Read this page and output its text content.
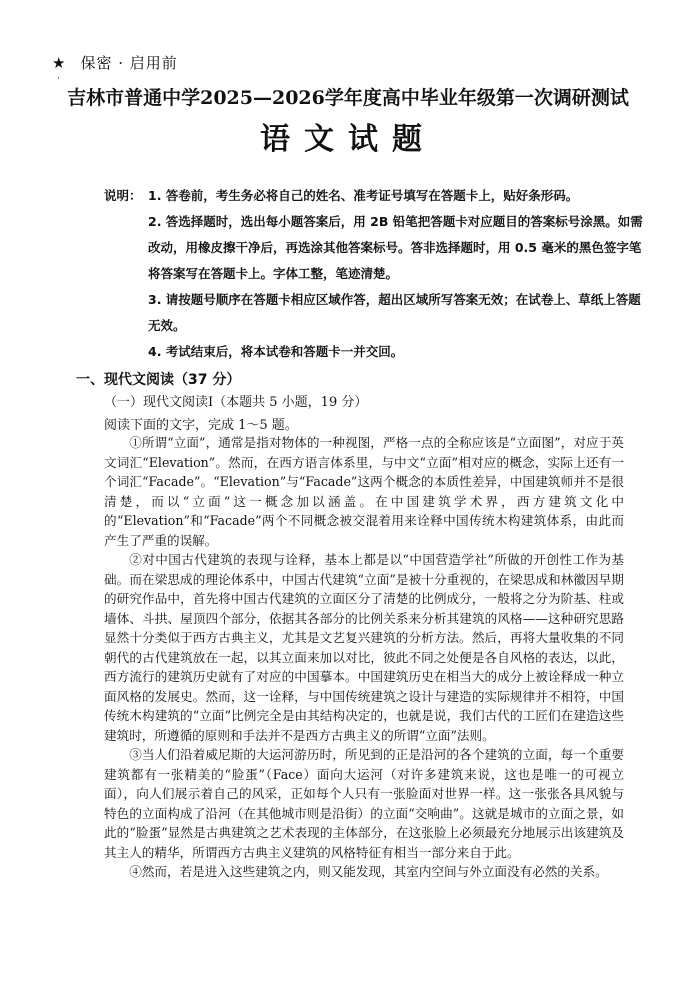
★ 保密 · 启用前
·
吉林市普通中学2025—2026学年度高中毕业年级第一次调研测试
语文试题
说明： 1. 答卷前，考生务必将自己的姓名、准考证号填写在答题卡上，贴好条形码。
2. 答选择题时，选出每小题答案后，用 2B 铅笔把答题卡对应题目的答案标号涂黑。如需改动，用橡皮擦干净后，再选涂其他答案标号。答非选择题时，用 0.5 毫米的黑色签字笔将答案写在答题卡上。字体工整，笔迹清楚。
3. 请按题号顺序在答题卡相应区域作答，超出区域所写答案无效；在试卷上、草纸上答题无效。
4. 考试结束后，将本试卷和答题卡一并交回。
一、现代文阅读（37 分）
（一）现代文阅读Ⅰ（本题共 5 小题，19 分）
阅读下面的文字，完成 1～5 题。

①所谓“立面”，通常是指对物体的一种视图，严格一点的全称应该是“立面图”，对应于英文词汇“Elevation”。然而，在西方语言体系里，与中文“立面”相对应的概念，实际上还有一个词汇“Facade”。“Elevation”与“Facade”这两个概念的本质性差异，中国建筑师并不是很清楚，而以“立面”这一概念加以涵盖。在中国建筑学术界，西方建筑文化中的“Elevation”和“Facade”两个不同概念被交混着用来诠释中国传统木构建筑体系，由此而产生了严重的误解。

②对中国古代建筑的表现与诠释，基本上都是以“中国营造学社”所做的开创性工作为基础。而在梁思成的理论体系中，中国古代建筑“立面”是被十分重视的，在梁思成和林徽因早期的研究作品中，首先将中国古代建筑的立面区分了清楚的比例成分，一般将之分为阶基、柱或墙体、斗拱、屋顶四个部分，依据其各部分的比例关系来分析其建筑的风格——这种研究思路显然十分类似于西方古典主义，尤其是文艺复兴建筑的分析方法。然后，再将大量收集的不同朝代的古代建筑放在一起，以其立面来加以对比，彼此不同之处便是各自风格的表达，以此，西方流行的建筑历史就有了对应的中国摹本。中国建筑历史在相当大的成分上被诠释成一种立面风格的发展史。然而，这一诠释，与中国传统建筑之设计与建造的实际规律并不相符，中国传统木构建筑的“立面”比例完全是由其结构决定的，也就是说，我们古代的工匠们在建造这些建筑时，所遵循的原则和手法并不是西方古典主义的所谓“立面”法则。

③当人们沿着威尼斯的大运河游历时，所见到的正是沿河的各个建筑的立面，每一个重要建筑都有一张精美的“脸蛋”（Face）面向大运河（对许多建筑来说，这也是唯一的可视立面），向人们展示着自己的风采，正如每个人只有一张脸面对世界一样。这一张张各具风貌与特色的立面构成了沿河（在其他城市则是沿街）的立面“交响曲”。这就是城市的立面之景，如此的“脸蛋”显然是古典建筑之艺术表现的主体部分，在这张脸上必须最充分地展示出该建筑及其主人的精华，所谓西方古典主义建筑的风格特征有相当一部分来自于此。

④然而，若是进入这些建筑之内，则又能发现，其室内空间与外立面没有必然的关系。
